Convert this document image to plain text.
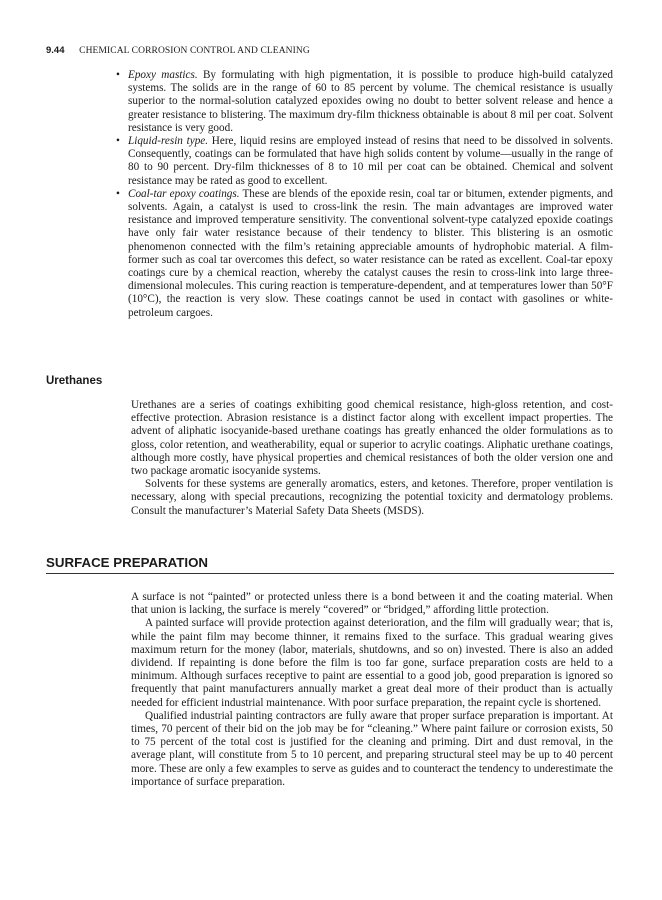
9.44 CHEMICAL CORROSION CONTROL AND CLEANING
• Epoxy mastics. By formulating with high pigmentation, it is possible to produce high-build catalyzed systems. The solids are in the range of 60 to 85 percent by volume. The chemical resistance is usually superior to the normal-solution catalyzed epoxides owing no doubt to better solvent release and hence a greater resistance to blistering. The maximum dry-film thickness obtainable is about 8 mil per coat. Solvent resistance is very good.
• Liquid-resin type. Here, liquid resins are employed instead of resins that need to be dissolved in solvents. Consequently, coatings can be formulated that have high solids content by volume—usually in the range of 80 to 90 percent. Dry-film thicknesses of 8 to 10 mil per coat can be obtained. Chemical and solvent resistance may be rated as good to excellent.
• Coal-tar epoxy coatings. These are blends of the epoxide resin, coal tar or bitumen, extender pigments, and solvents. Again, a catalyst is used to cross-link the resin. The main advantages are improved water resistance and improved temperature sensitivity. The conventional solvent-type catalyzed epoxide coatings have only fair water resistance because of their tendency to blister. This blistering is an osmotic phenomenon connected with the film’s retaining appreciable amounts of hydrophobic material. A film-former such as coal tar overcomes this defect, so water resistance can be rated as excellent. Coal-tar epoxy coatings cure by a chemical reaction, whereby the catalyst causes the resin to cross-link into large three-dimensional molecules. This curing reaction is temperature-dependent, and at temperatures lower than 50°F (10°C), the reaction is very slow. These coatings cannot be used in contact with gasolines or white-petroleum cargoes.
Urethanes

Urethanes are a series of coatings exhibiting good chemical resistance, high-gloss retention, and cost-effective protection. Abrasion resistance is a distinct factor along with excellent impact properties. The advent of aliphatic isocyanide-based urethane coatings has greatly enhanced the older formulations as to gloss, color retention, and weatherability, equal or superior to acrylic coatings. Aliphatic urethane coatings, although more costly, have physical properties and chemical resistances of both the older version one and two package aromatic isocyanide systems.

Solvents for these systems are generally aromatics, esters, and ketones. Therefore, proper ventilation is necessary, along with special precautions, recognizing the potential toxicity and dermatology problems. Consult the manufacturer’s Material Safety Data Sheets (MSDS).

SURFACE PREPARATION

A surface is not “painted” or protected unless there is a bond between it and the coating material. When that union is lacking, the surface is merely “covered” or “bridged,” affording little protection.

A painted surface will provide protection against deterioration, and the film will gradually wear; that is, while the paint film may become thinner, it remains fixed to the surface. This gradual wearing gives maximum return for the money (labor, materials, shutdowns, and so on) invested. There is also an added dividend. If repainting is done before the film is too far gone, surface preparation costs are held to a minimum. Although surfaces receptive to paint are essential to a good job, good preparation is ignored so frequently that paint manufacturers annually market a great deal more of their product than is actually needed for efficient industrial maintenance. With poor surface preparation, the repaint cycle is shortened.

Qualified industrial painting contractors are fully aware that proper surface preparation is important. At times, 70 percent of their bid on the job may be for “cleaning.” Where paint failure or corrosion exists, 50 to 75 percent of the total cost is justified for the cleaning and priming. Dirt and dust removal, in the average plant, will constitute from 5 to 10 percent, and preparing structural steel may be up to 40 percent more. These are only a few examples to serve as guides and to counteract the tendency to underestimate the importance of surface preparation.
